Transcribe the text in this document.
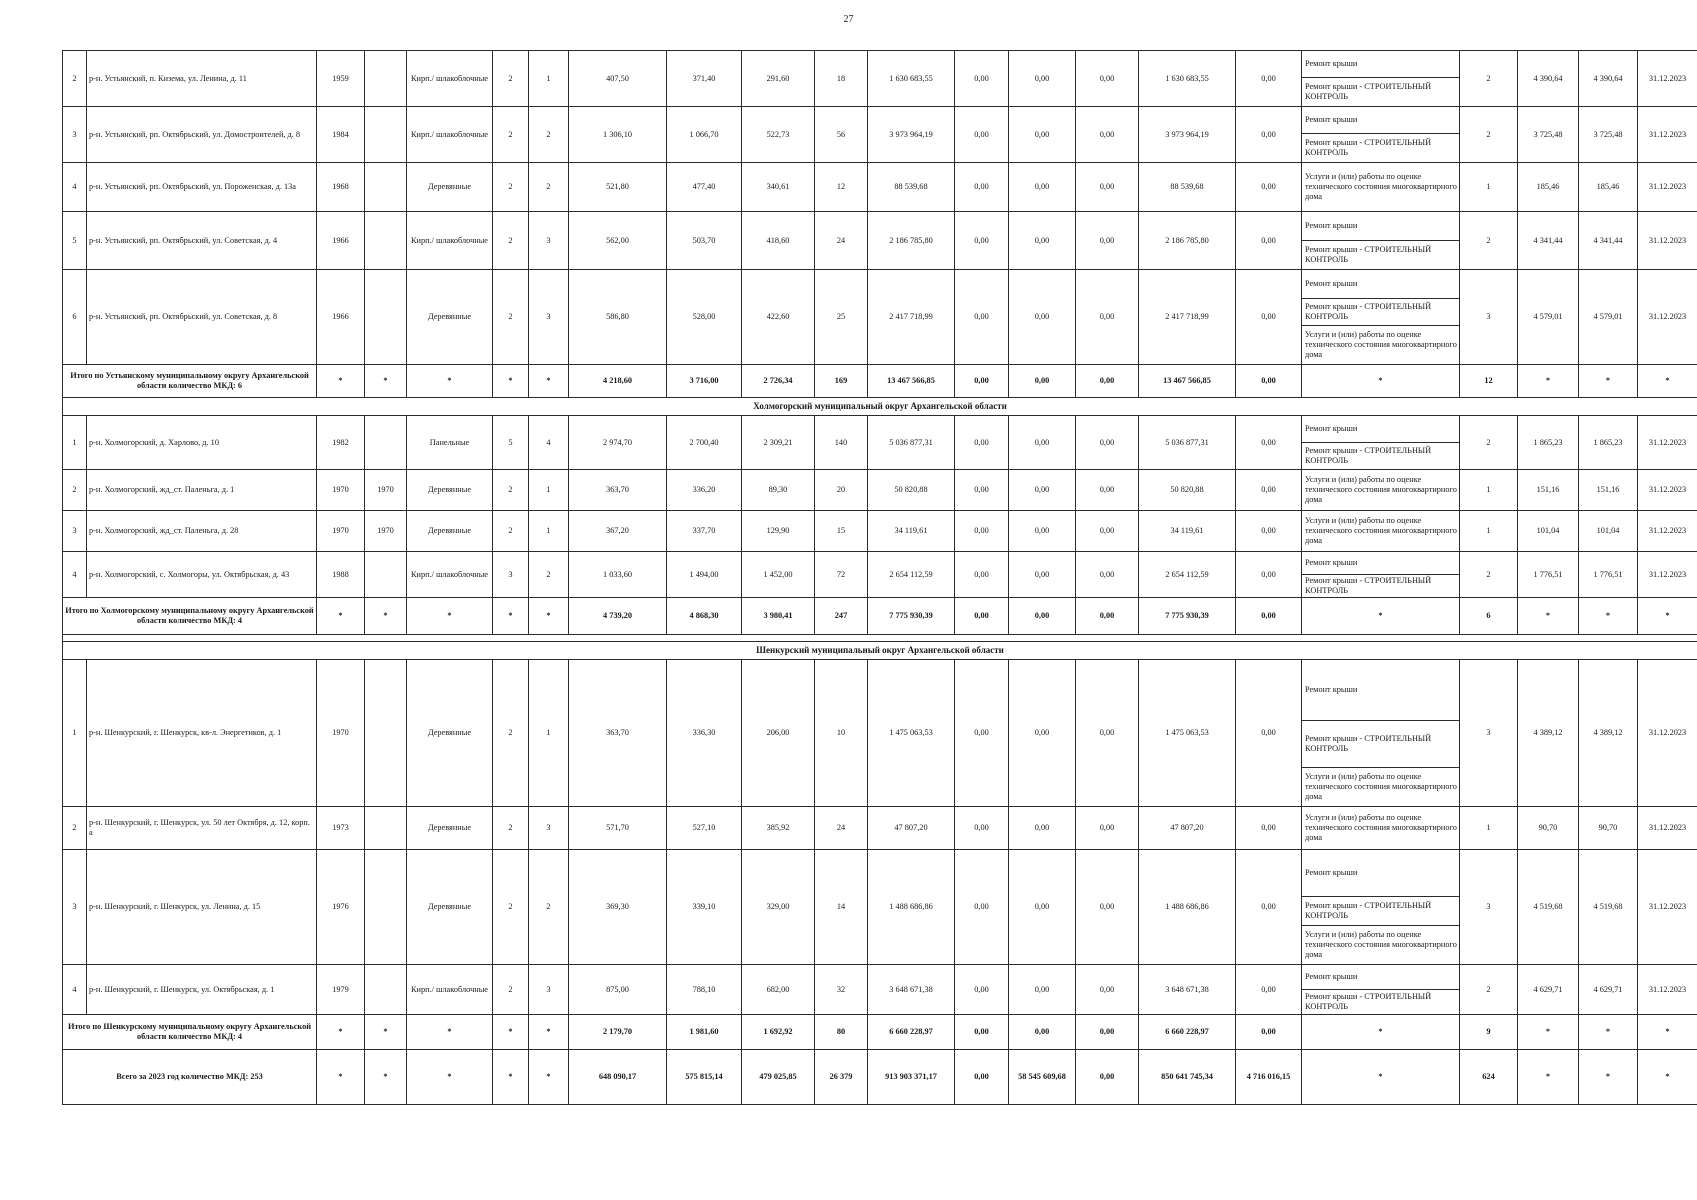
27
2	р-н. Устьянский, п. Кизема, ул. Ленина, д. 11	1959		Кирп./ шлакоблочные	2	1	407,50	371,40	291,60	18	1 630 683,55	0,00	0,00	0,00	1 630 683,55	0,00	Ремонт крыши	2	4 390,64	4 390,64	31.12.2023
																	Ремонт крыши - СТРОИТЕЛЬНЫЙ КОНТРОЛЬ				
3	р-н. Устьянский, рп. Октябрьский, ул. Домостроителей, д. 8	1984		Кирп./ шлакоблочные	2	2	1 306,10	1 066,70	522,73	56	3 973 964,19	0,00	0,00	0,00	3 973 964,19	0,00	Ремонт крыши	2	3 725,48	3 725,48	31.12.2023
																	Ремонт крыши - СТРОИТЕЛЬНЫЙ КОНТРОЛЬ				
4	р-н. Устьянский, рп. Октябрьский, ул. Пороженская, д. 13а	1968		Деревянные	2	2	521,80	477,40	340,61	12	88 539,68	0,00	0,00	0,00	88 539,68	0,00	Услуги и (или) работы по оценке технического состояния многоквартирного дома	1	185,46	185,46	31.12.2023
5	р-н. Устьянский, рп. Октябрьский, ул. Советская, д. 4	1966		Кирп./ шлакоблочные	2	3	562,00	503,70	418,60	24	2 186 785,80	0,00	0,00	0,00	2 186 785,80	0,00	Ремонт крыши	2	4 341,44	4 341,44	31.12.2023
																	Ремонт крыши - СТРОИТЕЛЬНЫЙ КОНТРОЛЬ				
6	р-н. Устьянский, рп. Октябрьский, ул. Советская, д. 8	1966		Деревянные	2	3	586,80	528,00	422,60	25	2 417 718,99	0,00	0,00	0,00	2 417 718,99	0,00	Ремонт крыши	3	4 579,01	4 579,01	31.12.2023
																	Ремонт крыши - СТРОИТЕЛЬНЫЙ КОНТРОЛЬ				
																	Услуги и (или) работы по оценке технического состояния многоквартирного дома				
Итого по Устьянскому муниципальному округу Архангельской области количество МКД: 6		*	*	*	*	*	4 218,60	3 716,00	2 726,34	169	13 467 566,85	0,00	0,00	0,00	13 467 566,85	0,00	*	12	*	*	*
Холмогорский муниципальный округ Архангельской области																					
1	р-н. Холмогорский, д. Харлово, д. 10	1982		Панельные	5	4	2 974,70	2 700,40	2 309,21	140	5 036 877,31	0,00	0,00	0,00	5 036 877,31	0,00	Ремонт крыши	2	1 865,23	1 865,23	31.12.2023
																	Ремонт крыши - СТРОИТЕЛЬНЫЙ КОНТРОЛЬ				
2	р-н. Холмогорский, жд_ст. Паленьга, д. 1	1970	1970	Деревянные	2	1	363,70	336,20	89,30	20	50 820,88	0,00	0,00	0,00	50 820,88	0,00	Услуги и (или) работы по оценке технического состояния многоквартирного дома	1	151,16	151,16	31.12.2023
3	р-н. Холмогорский, жд_ст. Паленьга, д. 28	1970	1970	Деревянные	2	1	367,20	337,70	129,90	15	34 119,61	0,00	0,00	0,00	34 119,61	0,00	Услуги и (или) работы по оценке технического состояния многоквартирного дома	1	101,04	101,04	31.12.2023
4	р-н. Холмогорский, с. Холмогоры, ул. Октябрьская, д. 43	1988		Кирп./ шлакоблочные	3	2	1 033,60	1 494,00	1 452,00	72	2 654 112,59	0,00	0,00	0,00	2 654 112,59	0,00	Ремонт крыши	2	1 776,51	1 776,51	31.12.2023
																	Ремонт крыши - СТРОИТЕЛЬНЫЙ КОНТРОЛЬ				
Итого по Холмогорскому муниципальному округу Архангельской области количество МКД: 4		*	*	*	*	*	4 739,20	4 868,30	3 980,41	247	7 775 930,39	0,00	0,00	0,00	7 775 930,39	0,00	*	6	*	*	*

Шенкурский муниципальный округ Архангельской области																					
1	р-н. Шенкурский, г. Шенкурск, кв-л. Энергетиков, д. 1	1970		Деревянные	2	1	363,70	336,30	206,00	10	1 475 063,53	0,00	0,00	0,00	1 475 063,53	0,00	Ремонт крыши	3	4 389,12	4 389,12	31.12.2023
																	Ремонт крыши - СТРОИТЕЛЬНЫЙ КОНТРОЛЬ				
																	Услуги и (или) работы по оценке технического состояния многоквартирного дома				
2	р-н. Шенкурский, г. Шенкурск, ул. 50 лет Октября, д. 12, корп. а	1973		Деревянные	2	3	571,70	527,10	385,92	24	47 807,20	0,00	0,00	0,00	47 807,20	0,00	Услуги и (или) работы по оценке технического состояния многоквартирного дома	1	90,70	90,70	31.12.2023
3	р-н. Шенкурский, г. Шенкурск, ул. Ленина, д. 15	1976		Деревянные	2	2	369,30	339,10	329,00	14	1 488 686,86	0,00	0,00	0,00	1 488 686,86	0,00	Ремонт крыши	3	4 519,68	4 519,68	31.12.2023
																	Ремонт крыши - СТРОИТЕЛЬНЫЙ КОНТРОЛЬ				
																	Услуги и (или) работы по оценке технического состояния многоквартирного дома				
4	р-н. Шенкурский, г. Шенкурск, ул. Октябрьская, д. 1	1979		Кирп./ шлакоблочные	2	3	875,00	788,10	682,00	32	3 648 671,38	0,00	0,00	0,00	3 648 671,38	0,00	Ремонт крыши	2	4 629,71	4 629,71	31.12.2023
																	Ремонт крыши - СТРОИТЕЛЬНЫЙ КОНТРОЛЬ				
Итого по Шенкурскому муниципальному округу Архангельской области количество МКД: 4		*	*	*	*	*	2 179,70	1 981,60	1 692,92	80	6 660 228,97	0,00	0,00	0,00	6 660 228,97	0,00	*	9	*	*	*
Всего за 2023 год количество МКД: 253		*	*	*	*	*	648 090,17	575 815,14	479 025,85	26 379	913 903 371,17	0,00	58 545 609,68	0,00	850 641 745,34	4 716 016,15	*	624	*	*	*
